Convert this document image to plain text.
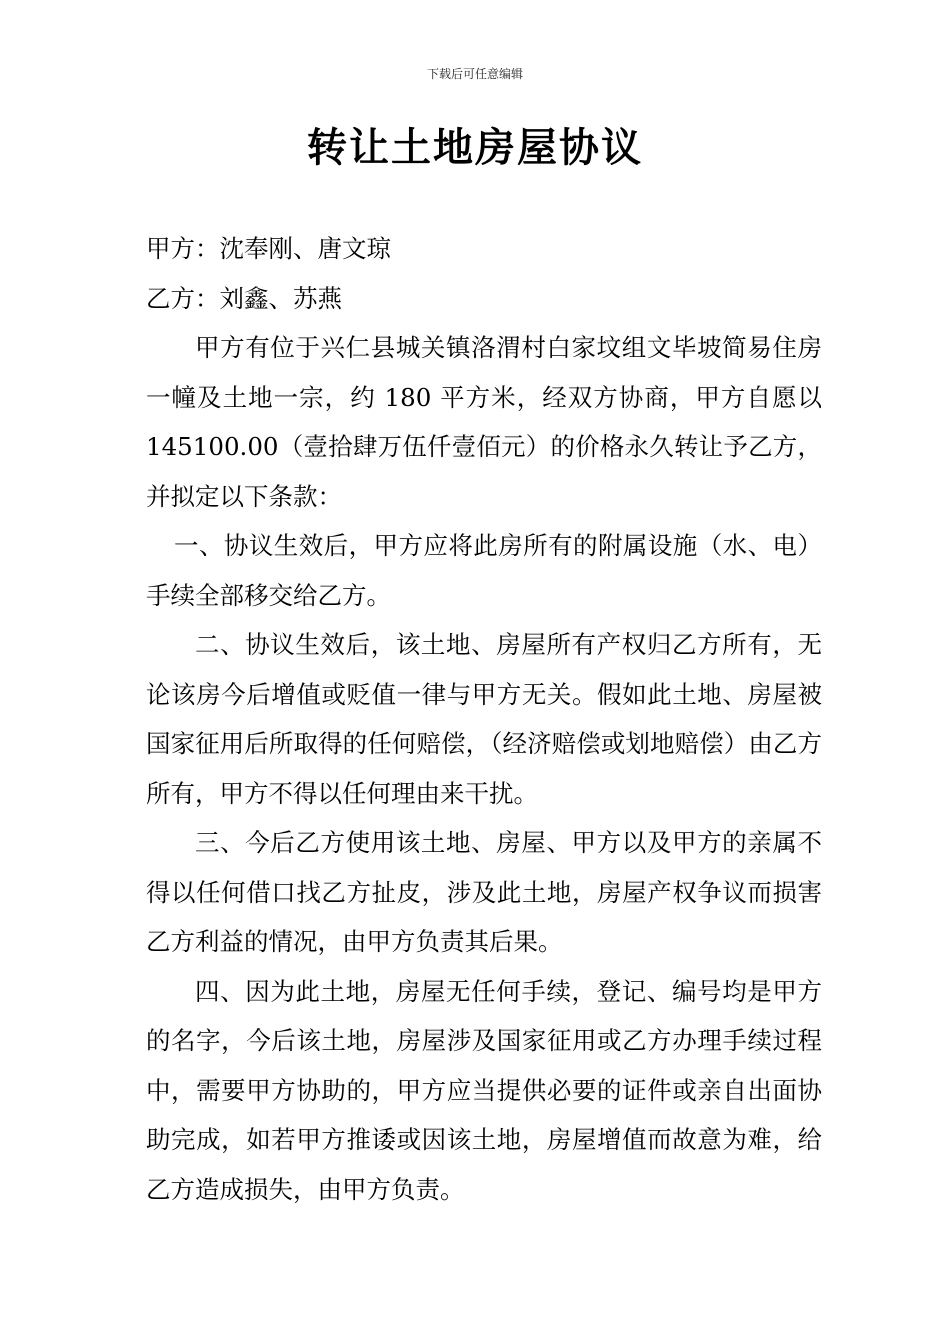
下载后可任意编辑
转让土地房屋协议

甲方：沈奉刚、唐文琼

乙方：刘鑫、苏燕

甲方有位于兴仁县城关镇洛渭村白家坟组文毕坡简易住房一幢及土地一宗，约 180 平方米，经双方协商，甲方自愿以 145100.00（壹拾肆万伍仟壹佰元）的价格永久转让予乙方，并拟定以下条款：

一、协议生效后，甲方应将此房所有的附属设施（水、电）手续全部移交给乙方。

二、协议生效后，该土地、房屋所有产权归乙方所有，无论该房今后增值或贬值一律与甲方无关。假如此土地、房屋被国家征用后所取得的任何赔偿，（经济赔偿或划地赔偿）由乙方所有，甲方不得以任何理由来干扰。

三、今后乙方使用该土地、房屋、甲方以及甲方的亲属不得以任何借口找乙方扯皮，涉及此土地，房屋产权争议而损害乙方利益的情况，由甲方负责其后果。

四、因为此土地，房屋无任何手续，登记、编号均是甲方的名字，今后该土地，房屋涉及国家征用或乙方办理手续过程中，需要甲方协助的，甲方应当提供必要的证件或亲自出面协助完成，如若甲方推诿或因该土地，房屋增值而故意为难，给乙方造成损失，由甲方负责。
